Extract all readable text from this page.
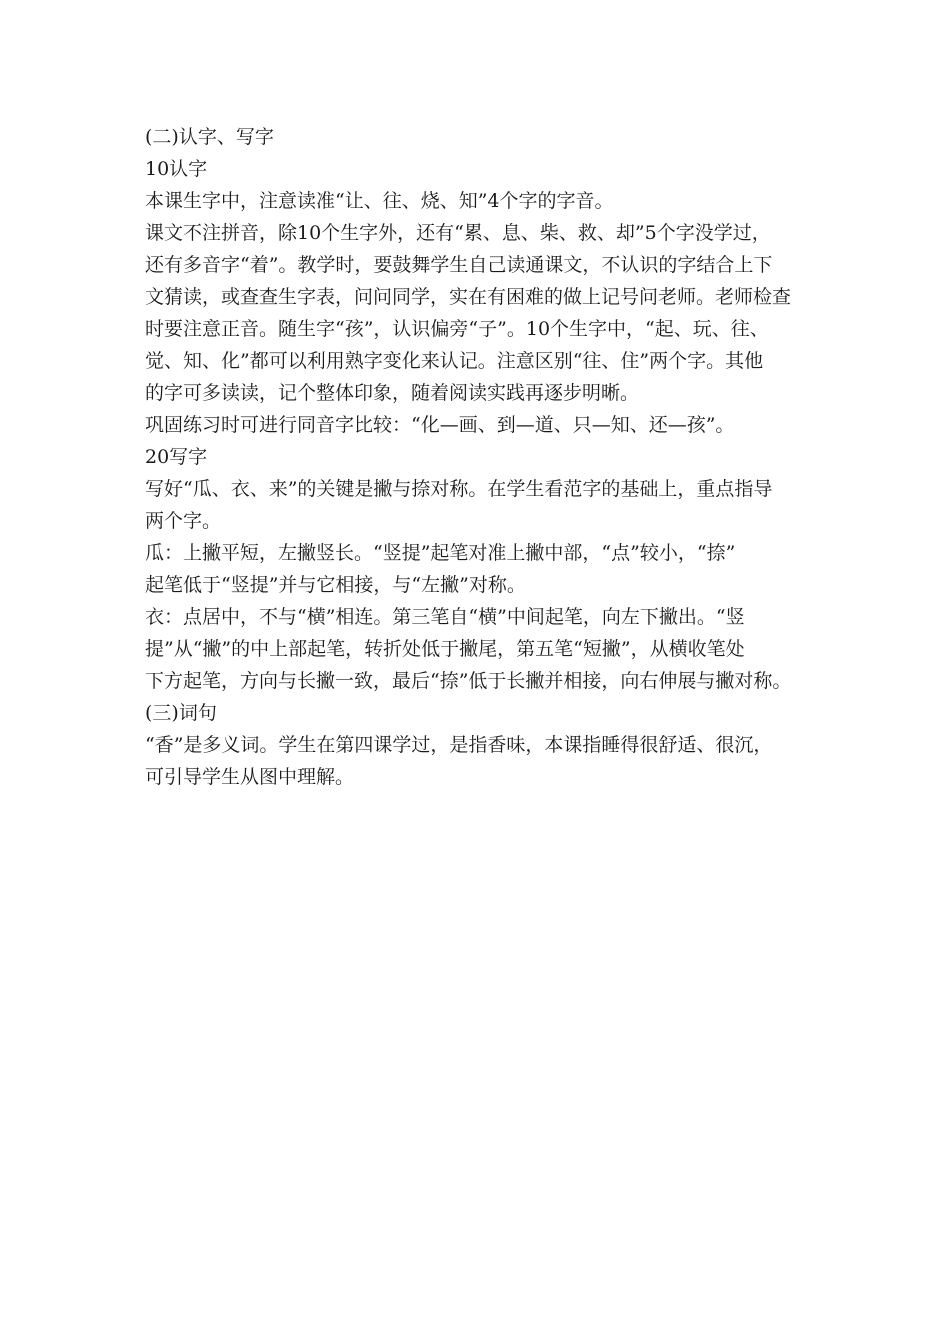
(二)认字、写字

10认字

本课生字中，注意读准“让、往、烧、知”4个字的字音。

课文不注拼音，除10个生字外，还有“累、息、柴、救、却”5个字没学过，
还有多音字“着”。教学时，要鼓舞学生自己读通课文，不认识的字结合上下
文猜读，或查查生字表，问问同学，实在有困难的做上记号问老师。老师检查
时要注意正音。随生字“孩”，认识偏旁“子”。10个生字中，“起、玩、往、
觉、知、化”都可以利用熟字变化来认记。注意区别“往、住”两个字。其他
的字可多读读，记个整体印象，随着阅读实践再逐步明晰。

巩固练习时可进行同音字比较：“化—画、到—道、只—知、还—孩”。

20写字

写好“瓜、衣、来”的关键是撇与捺对称。在学生看范字的基础上，重点指导
两个字。

瓜：上撇平短，左撇竖长。“竖提”起笔对准上撇中部，“点”较小，“捺”
起笔低于“竖提”并与它相接，与“左撇”对称。

衣：点居中，不与“横”相连。第三笔自“横”中间起笔，向左下撇出。“竖
提”从“撇”的中上部起笔，转折处低于撇尾，第五笔“短撇”，从横收笔处
下方起笔，方向与长撇一致，最后“捺”低于长撇并相接，向右伸展与撇对称。

(三)词句

“香”是多义词。学生在第四课学过，是指香味，本课指睡得很舒适、很沉，
可引导学生从图中理解。
